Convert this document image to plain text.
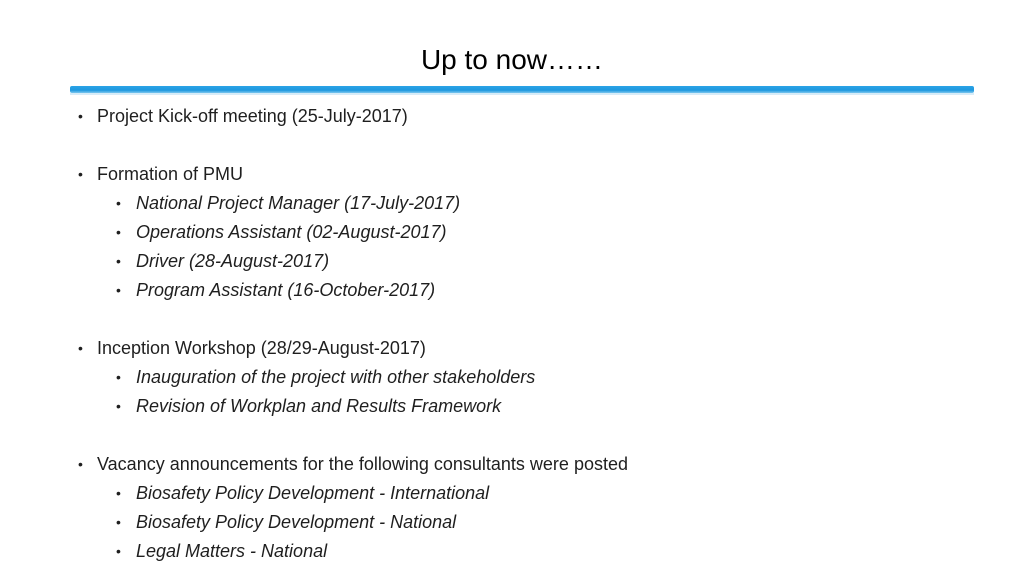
Up to now……
• Project Kick-off meeting (25-July-2017)
• Formation of PMU
• National Project Manager (17-July-2017)
• Operations Assistant (02-August-2017)
• Driver (28-August-2017)
• Program Assistant (16-October-2017)
• Inception Workshop (28/29-August-2017)
• Inauguration of the project with other stakeholders
• Revision of Workplan and Results Framework
• Vacancy announcements for the following consultants were posted
• Biosafety Policy Development - International
• Biosafety Policy Development - National
• Legal Matters - National
